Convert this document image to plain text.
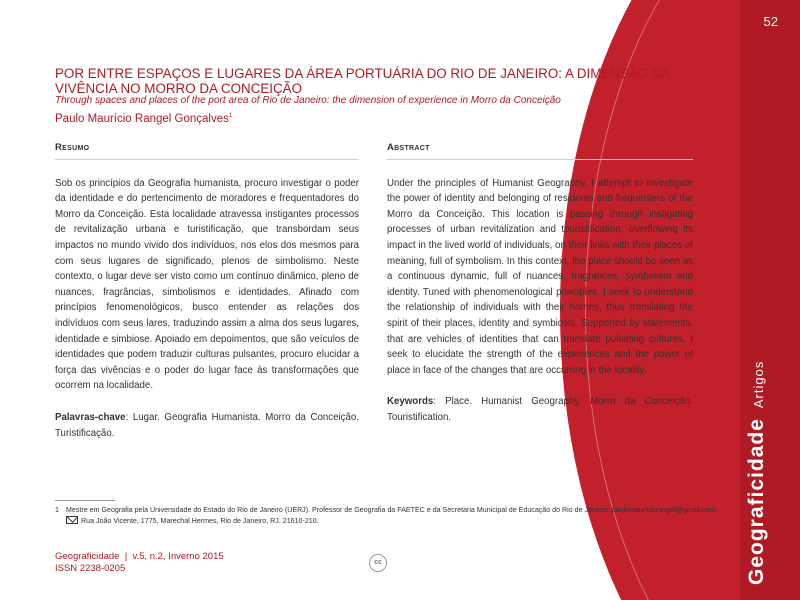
52
GeograficidadeArtigos
POR ENTRE ESPAÇOS E LUGARES DA ÁREA PORTUÁRIA DO RIO DE JANEIRO: A DIMENSÃO DA VIVÊNCIA NO MORRO DA CONCEIÇÃO
Through spaces and places of the port area of Rio de Janeiro: the dimension of experience in Morro da Conceição
Paulo Maurício Rangel Gonçalves$^1$
Resumo

Sob os princípios da Geografia humanista, procuro investigar o poder da identidade e do pertencimento de moradores e frequentadores do Morro da Conceição. Esta localidade atravessa instigantes processos de revitalização urbana e turistificação, que transbordam seus impactos no mundo vivido dos indivíduos, nos elos dos mesmos para com seus lugares de significado, plenos de simbolismo. Neste contexto, o lugar deve ser visto como um contínuo dinâmico, pleno de nuances, fragrâncias, simbolismos e identidades. Afinado com princípios fenomenológicos, busco entender as relações dos indivíduos com seus lares, traduzindo assim a alma dos seus lugares, identidade e simbiose. Apoiado em depoimentos, que são veículos de identidades que podem traduzir culturas pulsantes, procuro elucidar a força das vivências e o poder do lugar face às transformações que ocorrem na localidade.

Palavras-chave: Lugar. Geografia Humanista. Morro da Conceição. Turistificação.

Abstract

Under the principles of Humanist Geography, I attempt to investigate the power of identity and belonging of residents and frequenters of the Morro da Conceição. This location is passing through instigating processes of urban revitalization and touristification, overflowing its impact in the lived world of individuals, on their links with their places of meaning, full of symbolism. In this context, the place should be seen as a continuous dynamic, full of nuances, fragrances, symbolism and identity. Tuned with phenomenological principles, I seek to understand the relationship of individuals with their homes, thus translating the spirit of their places, identity and symbiosis. Supported by statements, that are vehicles of identities that can translate pulsating cultures, I seek to elucidate the strength of the experiences and the power of place in face of the changes that are occurring in the locality.

Keywords: Place. Humanist Geography. Morro da Conceição. Touristification.

1 Mestre em Geografia pela Universidade do Estado do Rio de Janeiro (UERJ). Professor de Geografia da FAETEC e da Secretaria Municipal de Educação do Rio de Janeiro. paulomauriciorangel@gmail.com.
Rua João Vicente, 1775, Marechal Hermes, Rio de Janeiro, RJ. 21610-210.
Geograficidade  |  v.5, n.2, Inverno 2015
ISSN 2238-0205
cc
